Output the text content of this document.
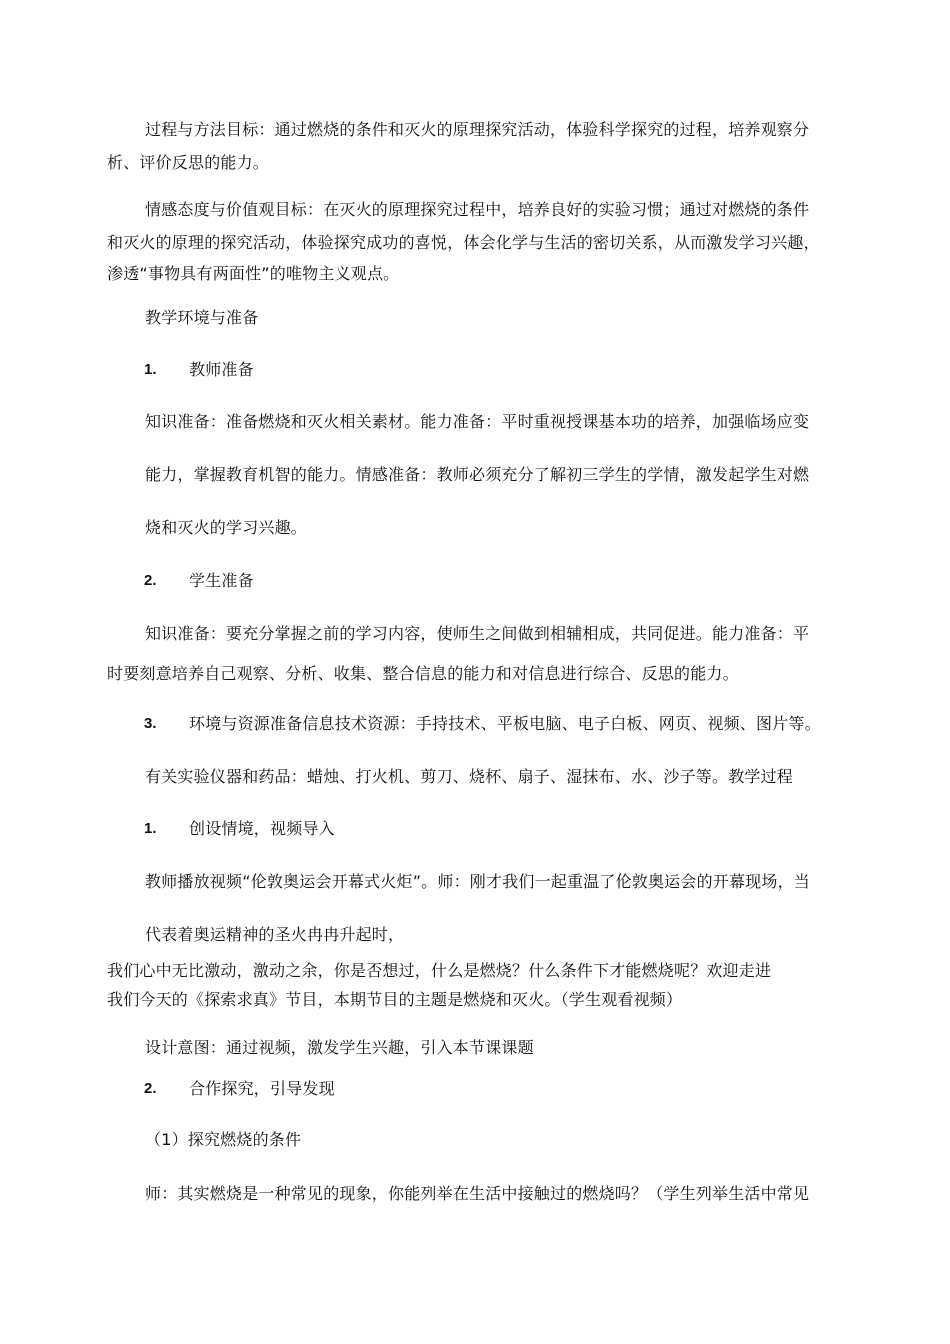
过程与方法目标：通过燃烧的条件和灭火的原理探究活动，体验科学探究的过程，培养观察分
析、评价反思的能力。
情感态度与价值观目标：在灭火的原理探究过程中，培养良好的实验习惯；通过对燃烧的条件
和灭火的原理的探究活动，体验探究成功的喜悦，体会化学与生活的密切关系，从而激发学习兴趣，
渗透“事物具有两面性”的唯物主义观点。
教学环境与准备
1. 教师准备
知识准备：准备燃烧和灭火相关素材。能力准备：平时重视授课基本功的培养，加强临场应变
能力，掌握教育机智的能力。情感准备：教师必须充分了解初三学生的学情，激发起学生对燃
烧和灭火的学习兴趣。
2. 学生准备
知识准备：要充分掌握之前的学习内容，使师生之间做到相辅相成，共同促进。能力准备：平
时要刻意培养自己观察、分析、收集、整合信息的能力和对信息进行综合、反思的能力。
3. 环境与资源准备信息技术资源：手持技术、平板电脑、电子白板、网页、视频、图片等。
有关实验仪器和药品：蜡烛、打火机、剪刀、烧杯、扇子、湿抹布、水、沙子等。教学过程
1. 创设情境，视频导入
教师播放视频“伦敦奥运会开幕式火炬”。师：刚才我们一起重温了伦敦奥运会的开幕现场，当
代表着奥运精神的圣火冉冉升起时，
我们心中无比激动，激动之余，你是否想过，什么是燃烧？什么条件下才能燃烧呢？欢迎走进
我们今天的《探索求真》节目，本期节目的主题是燃烧和灭火。（学生观看视频）
设计意图：通过视频，激发学生兴趣，引入本节课课题
2. 合作探究，引导发现
（1）探究燃烧的条件
师：其实燃烧是一种常见的现象，你能列举在生活中接触过的燃烧吗？（学生列举生活中常见
